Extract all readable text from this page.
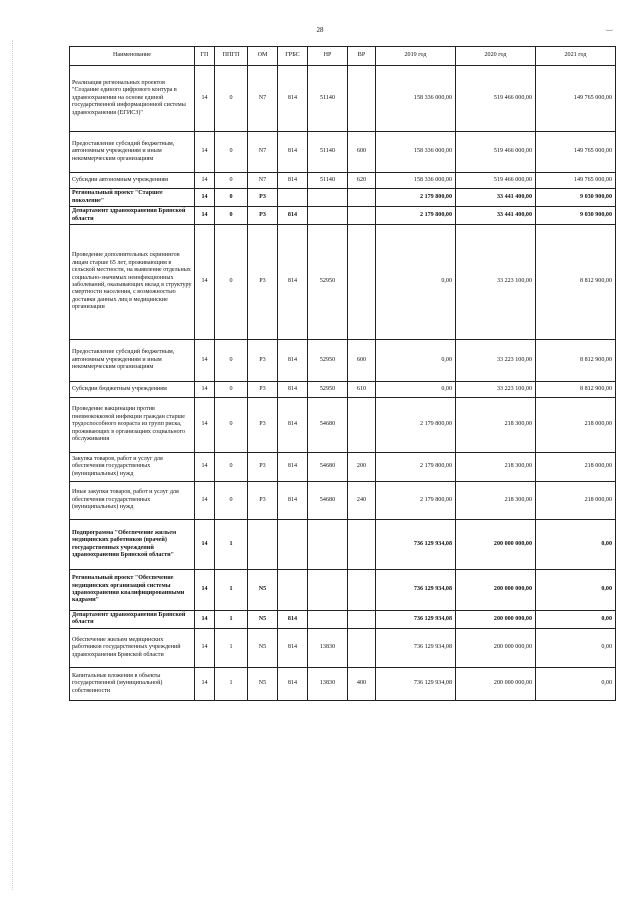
28	‿
Наименование	ГП	ППГП	ОМ	ГРБС	НР	ВР	2019 год	2020 год	2021 год
Реализация региональных проектов "Создание единого цифрового контура в здравоохранении на основе единой государственной информационной системы здравоохранения (ЕГИСЗ)"	14	0	N7	814	51140		158 336 000,00	519 466 000,00	149 765 000,00
Предоставление субсидий бюджетным, автономным учреждениям и иным некоммерческим организациям	14	0	N7	814	51140	600	158 336 000,00	519 466 000,00	149 765 000,00
Субсидии автономным учреждениям	14	0	N7	814	51140	620	158 336 000,00	519 466 000,00	149 765 000,00
Региональный проект "Старшее поколение"	14	0	P3				2 179 800,00	33 441 400,00	9 030 900,00
Департамент здравоохранения Брянской области	14	0	P3	814			2 179 800,00	33 441 400,00	9 030 900,00
Проведение дополнительных скринингов лицам старше 65 лет, проживающим в сельской местности, на выявление отдельных социально-значимых неинфекционных заболеваний, оказывающих вклад в структуру смертности населения, с возможностью доставки данных лиц в медицинские организации	14	0	P3	814	52950		0,00	33 223 100,00	8 812 900,00
Предоставление субсидий бюджетным, автономным учреждениям и иным некоммерческим организациям	14	0	P3	814	52950	600	0,00	33 223 100,00	8 812 900,00
Субсидии бюджетным учреждениям	14	0	P3	814	52950	610	0,00	33 223 100,00	8 812 900,00
Проведение вакцинации против пневмококковой инфекции граждан старше трудоспособного возраста из групп риска, проживающих в организациях социального обслуживания	14	0	P3	814	54680		2 179 800,00	218 300,00	218 000,00
Закупка товаров, работ и услуг для обеспечения государственных (муниципальных) нужд	14	0	P3	814	54680	200	2 179 800,00	218 300,00	218 000,00
Иные закупки товаров, работ и услуг для обеспечения государственных (муниципальных) нужд	14	0	P3	814	54680	240	2 179 800,00	218 300,00	218 000,00
Подпрограмма "Обеспечение жильем медицинских работников (врачей) государственных учреждений здравоохранения Брянской области"	14	1					736 129 934,08	200 000 000,00	0,00
Региональный проект "Обеспечение медицинских организаций системы здравоохранения квалифицированными кадрами"	14	1	N5				736 129 934,08	200 000 000,00	0,00
Департамент здравоохранения Брянской области	14	1	N5	814			736 129 934,08	200 000 000,00	0,00
Обеспечение жильем медицинских работников государственных учреждений здравоохранения Брянской области	14	1	N5	814	13830		736 129 934,08	200 000 000,00	0,00
Капитальные вложения в объекты государственной (муниципальной) собственности	14	1	N5	814	13830	400	736 129 934,08	200 000 000,00	0,00
